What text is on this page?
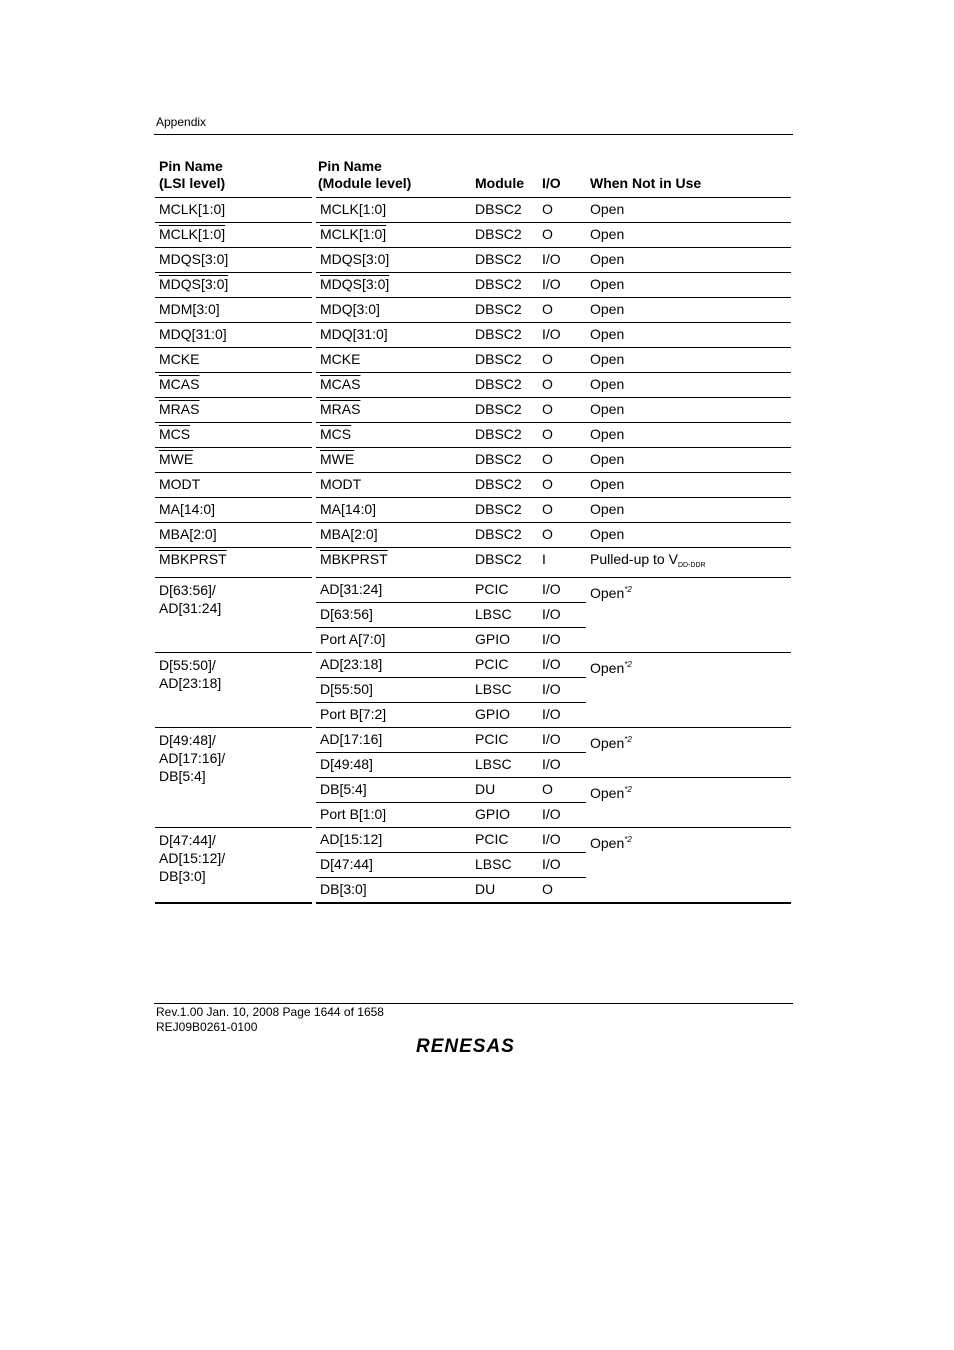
Appendix
Pin Name
(LSI level)	Pin Name
(Module level)	Module	I/O	When Not in Use
MCLK[1:0]	MCLK[1:0]	DBSC2	O	Open
MCLK[1:0]	MCLK[1:0]	DBSC2	O	Open
MDQS[3:0]	MDQS[3:0]	DBSC2	I/O	Open
MDQS[3:0]	MDQS[3:0]	DBSC2	I/O	Open
MDM[3:0]	MDQ[3:0]	DBSC2	O	Open
MDQ[31:0]	MDQ[31:0]	DBSC2	I/O	Open
MCKE	MCKE	DBSC2	O	Open
MCAS	MCAS	DBSC2	O	Open
MRAS	MRAS	DBSC2	O	Open
$\overline{MCS}$	$\overline{MCS}$	DBSC2	O	Open
$\overline{MWE}$	$\overline{MWE}$	DBSC2	O	Open
MODT	MODT	DBSC2	O	Open
MA[14:0]	MA[14:0]	DBSC2	O	Open
MBA[2:0]	MBA[2:0]	DBSC2	O	Open
MBKPRST	MBKPRST	DBSC2	I	Pulled-up to $V_{DD-DDR}$
D[63:56]/
AD[31:24]	AD[31:24]	PCIC	I/O	Open$^{*2}$
	D[63:56]	LBSC	I/O	
	Port A[7:0]	GPIO	I/O	
D[55:50]/
AD[23:18]	AD[23:18]	PCIC	I/O	Open$^{*2}$
	D[55:50]	LBSC	I/O	
	Port B[7:2]	GPIO	I/O	
D[49:48]/
AD[17:16]/
DB[5:4]	AD[17:16]	PCIC	I/O	Open$^{*2}$
	D[49:48]	LBSC	I/O	
	DB[5:4]	DU	O	Open$^{*2}$
	Port B[1:0]	GPIO	I/O	
D[47:44]/
AD[15:12]/
DB[3:0]	AD[15:12]	PCIC	I/O	Open$^{*2}$
	D[47:44]	LBSC	I/O	
	DB[3:0]	DU	O	
Rev.1.00 Jan. 10, 2008 Page 1644 of 1658
REJ09B0261-0100
RENESAS
